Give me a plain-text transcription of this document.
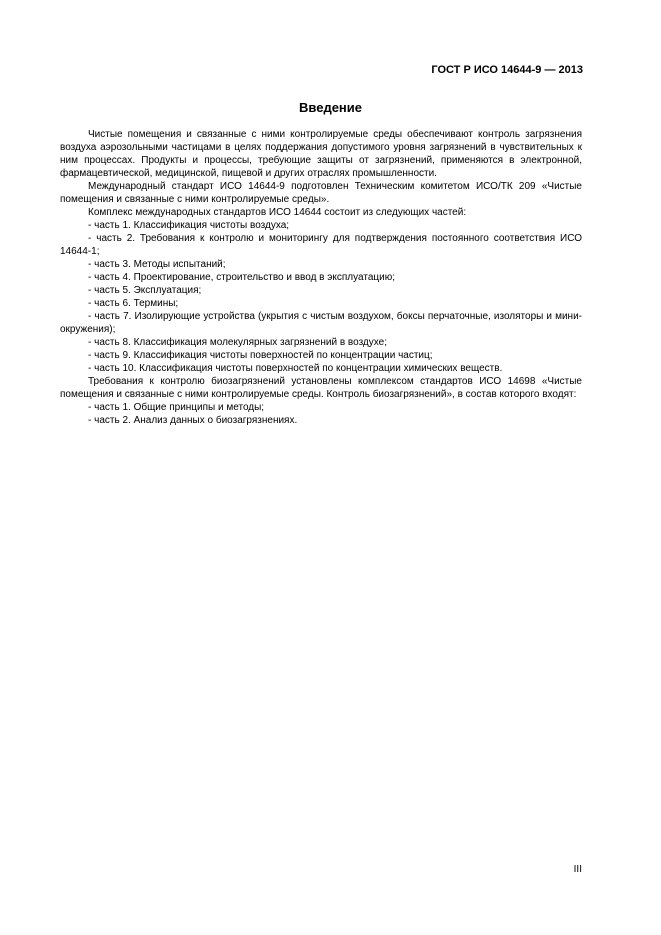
ГОСТ Р ИСО 14644-9 — 2013
Введение

Чистые помещения и связанные с ними контролируемые среды обеспечивают контроль загрязнения воздуха аэрозольными частицами в целях поддержания допустимого уровня загрязнений в чувствительных к ним процессах. Продукты и процессы, требующие защиты от загрязнений, применяются в электронной, фармацевтической, медицинской, пищевой и других отраслях промышленности.

Международный стандарт ИСО 14644-9 подготовлен Техническим комитетом ИСО/ТК 209 «Чистые помещения и связанные с ними контролируемые среды».

Комплекс международных стандартов ИСО 14644 состоит из следующих частей:

- часть 1. Классификация чистоты воздуха;

- часть 2. Требования к контролю и мониторингу для подтверждения постоянного соответствия ИСО 14644-1;

- часть 3. Методы испытаний;

- часть 4. Проектирование, строительство и ввод в эксплуатацию;

- часть 5. Эксплуатация;

- часть 6. Термины;

- часть 7. Изолирующие устройства (укрытия с чистым воздухом, боксы перчаточные, изоляторы и мини-окружения);

- часть 8. Классификация молекулярных загрязнений в воздухе;

- часть 9. Классификация чистоты поверхностей по концентрации частиц;

- часть 10. Классификация чистоты поверхностей по концентрации химических веществ.

Требования к контролю биозагрязнений установлены комплексом стандартов ИСО 14698 «Чистые помещения и связанные с ними контролируемые среды. Контроль биозагрязнений», в состав которого входят:

- часть 1. Общие принципы и методы;

- часть 2. Анализ данных о биозагрязнениях.

III
